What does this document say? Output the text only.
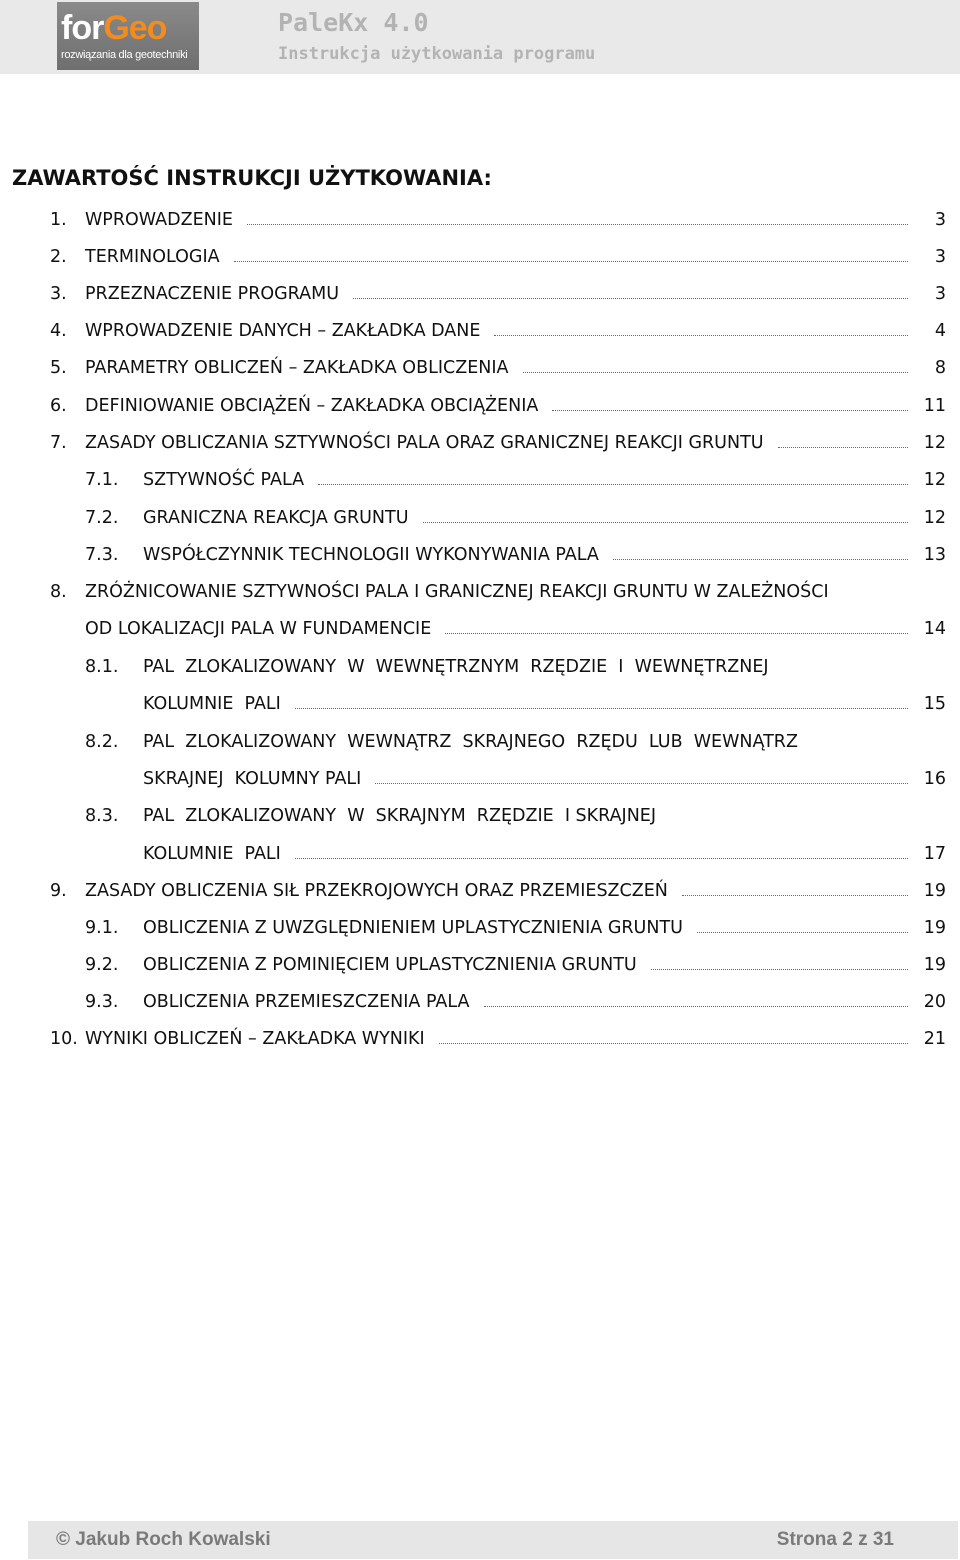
forGeo
rozwiązania dla geotechniki
PaleKx 4.0
Instrukcja użytkowania programu
ZAWARTOŚĆ INSTRUKCJI UŻYTKOWANIA:
1.	WPROWADZENIE	3
2.	TERMINOLOGIA	3
3.	PRZEZNACZENIE PROGRAMU	3
4.	WPROWADZENIE DANYCH – ZAKŁADKA DANE	4
5.	PARAMETRY OBLICZEŃ – ZAKŁADKA OBLICZENIA	8
6.	DEFINIOWANIE OBCIĄŻEŃ – ZAKŁADKA OBCIĄŻENIA	11
7.	ZASADY OBLICZANIA SZTYWNOŚCI PALA ORAZ GRANICZNEJ REAKCJI GRUNTU	12
7.1.	SZTYWNOŚĆ PALA	12
7.2.	GRANICZNA REAKCJA GRUNTU	12
7.3.	WSPÓŁCZYNNIK TECHNOLOGII WYKONYWANIA PALA	13
8.	ZRÓŻNICOWANIE SZTYWNOŚCI PALA I GRANICZNEJ REAKCJI GRUNTU W ZALEŻNOŚCI
OD LOKALIZACJI PALA W FUNDAMENCIE	14
8.1.	PAL  ZLOKALIZOWANY  W  WEWNĘTRZNYM  RZĘDZIE  I  WEWNĘTRZNEJ
KOLUMNIE  PALI	15
8.2.	PAL  ZLOKALIZOWANY  WEWNĄTRZ  SKRAJNEGO  RZĘDU  LUB  WEWNĄTRZ
SKRAJNEJ  KOLUMNY PALI	16
8.3.	PAL  ZLOKALIZOWANY  W  SKRAJNYM  RZĘDZIE  I SKRAJNEJ
KOLUMNIE  PALI	17
9.	ZASADY OBLICZENIA SIŁ PRZEKROJOWYCH ORAZ PRZEMIESZCZEŃ	19
9.1.	OBLICZENIA Z UWZGLĘDNIENIEM UPLASTYCZNIENIA GRUNTU	19
9.2.	OBLICZENIA Z POMINIĘCIEM UPLASTYCZNIENIA GRUNTU	19
9.3.	OBLICZENIA PRZEMIESZCZENIA PALA	20
10. WYNIKI OBLICZEŃ – ZAKŁADKA WYNIKI	21
© Jakub Roch Kowalski	Strona 2 z 31
